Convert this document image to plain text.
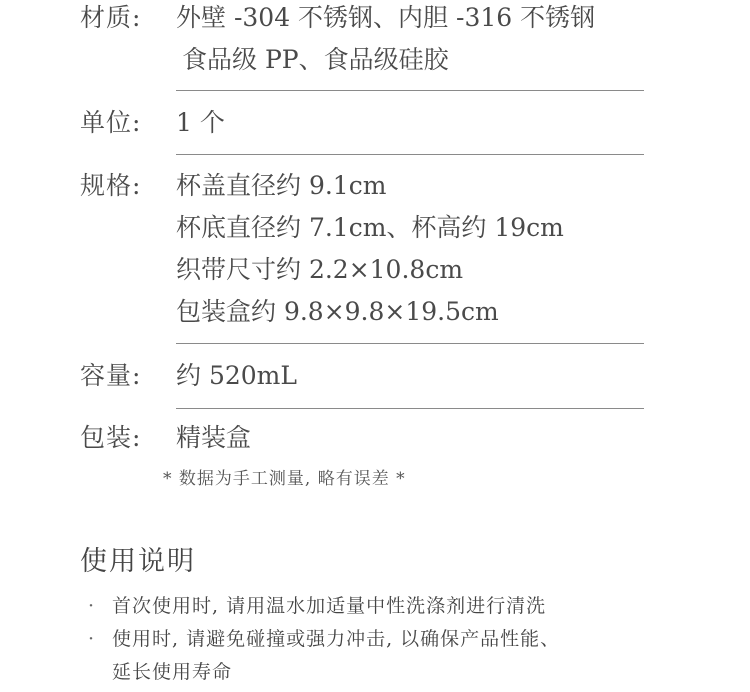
材质:	外壁 -304 不锈钢、内胆 -316 不锈钢
食品级 PP、食品级硅胶
单位:	1 个
规格:	杯盖直径约 9.1cm
杯底直径约 7.1cm、杯高约 19cm
织带尺寸约 2.2×10.8cm
包装盒约 9.8×9.8×19.5cm
容量:	约 520mL
包装:	精装盒
* 数据为手工测量, 略有误差 *
使用说明
· 首次使用时, 请用温水加适量中性洗涤剂进行清洗
· 使用时, 请避免碰撞或强力冲击, 以确保产品性能、
延长使用寿命
